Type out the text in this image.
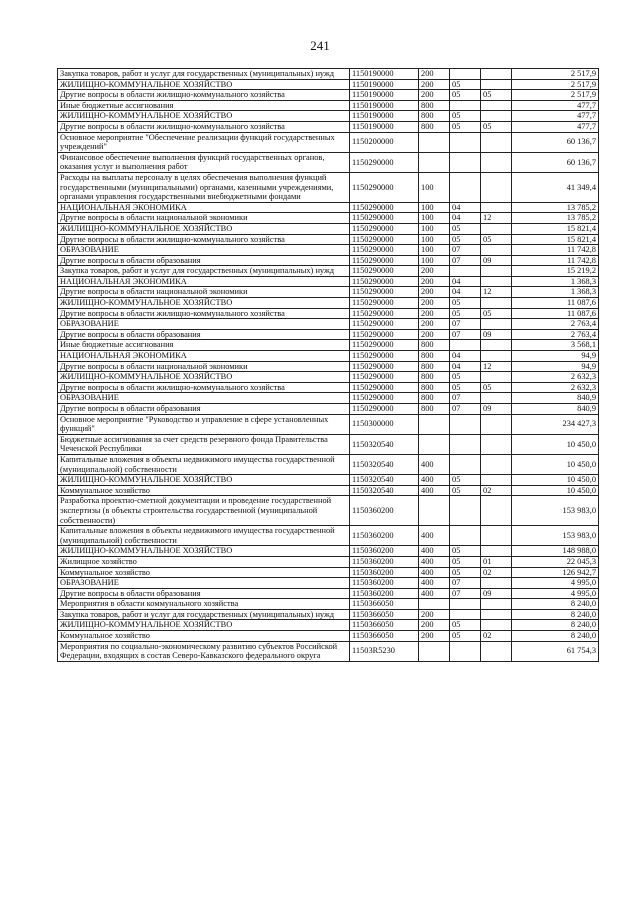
241
Закупка товаров, работ и услуг для государственных (муниципальных) нужд	1150190000	200			2 517,9
ЖИЛИЩНО-КОММУНАЛЬНОЕ ХОЗЯЙСТВО	1150190000	200	05		2 517,9
Другие вопросы в области жилищно-коммунального хозяйства	1150190000	200	05	05	2 517,9
Иные бюджетные ассигнования	1150190000	800			477,7
ЖИЛИЩНО-КОММУНАЛЬНОЕ ХОЗЯЙСТВО	1150190000	800	05		477,7
Другие вопросы в области жилищно-коммунального хозяйства	1150190000	800	05	05	477,7
Основное мероприятие "Обеспечение реализации функций государственных учреждений"	1150200000				60 136,7
Финансовое обеспечение выполнения функций государственных органов, оказания услуг и выполнения работ	1150290000				60 136,7
Расходы на выплаты персоналу в целях обеспечения выполнения функций государственными (муниципальными) органами, казенными учреждениями, органами управления государственными внебюджетными фондами	1150290000	100			41 349,4
НАЦИОНАЛЬНАЯ ЭКОНОМИКА	1150290000	100	04		13 785,2
Другие вопросы в области национальной экономики	1150290000	100	04	12	13 785,2
ЖИЛИЩНО-КОММУНАЛЬНОЕ ХОЗЯЙСТВО	1150290000	100	05		15 821,4
Другие вопросы в области жилищно-коммунального хозяйства	1150290000	100	05	05	15 821,4
ОБРАЗОВАНИЕ	1150290000	100	07		11 742,8
Другие вопросы в области образования	1150290000	100	07	09	11 742,8
Закупка товаров, работ и услуг для государственных (муниципальных) нужд	1150290000	200			15 219,2
НАЦИОНАЛЬНАЯ ЭКОНОМИКА	1150290000	200	04		1 368,3
Другие вопросы в области национальной экономики	1150290000	200	04	12	1 368,3
ЖИЛИЩНО-КОММУНАЛЬНОЕ ХОЗЯЙСТВО	1150290000	200	05		11 087,6
Другие вопросы в области жилищно-коммунального хозяйства	1150290000	200	05	05	11 087,6
ОБРАЗОВАНИЕ	1150290000	200	07		2 763,4
Другие вопросы в области образования	1150290000	200	07	09	2 763,4
Иные бюджетные ассигнования	1150290000	800			3 568,1
НАЦИОНАЛЬНАЯ ЭКОНОМИКА	1150290000	800	04		94,9
Другие вопросы в области национальной экономики	1150290000	800	04	12	94,9
ЖИЛИЩНО-КОММУНАЛЬНОЕ ХОЗЯЙСТВО	1150290000	800	05		2 632,3
Другие вопросы в области жилищно-коммунального хозяйства	1150290000	800	05	05	2 632,3
ОБРАЗОВАНИЕ	1150290000	800	07		840,9
Другие вопросы в области образования	1150290000	800	07	09	840,9
Основное мероприятие "Руководство и управление в сфере установленных функций"	1150300000				234 427,3
Бюджетные ассигнования за счет средств резервного фонда Правительства Чеченской Республики	1150320540				10 450,0
Капитальные вложения в объекты недвижимого имущества государственной (муниципальной) собственности	1150320540	400			10 450,0
ЖИЛИЩНО-КОММУНАЛЬНОЕ ХОЗЯЙСТВО	1150320540	400	05		10 450,0
Коммунальное хозяйство	1150320540	400	05	02	10 450,0
Разработка проектно-сметной документации и проведение государственной экспертизы (в объекты строительства государственной (муниципальной собственности)	1150360200				153 983,0
Капитальные вложения в объекты недвижимого имущества государственной (муниципальной) собственности	1150360200	400			153 983,0
ЖИЛИЩНО-КОММУНАЛЬНОЕ ХОЗЯЙСТВО	1150360200	400	05		148 988,0
Жилищное хозяйство	1150360200	400	05	01	22 045,3
Коммунальное хозяйство	1150360200	400	05	02	126 942,7
ОБРАЗОВАНИЕ	1150360200	400	07		4 995,0
Другие вопросы в области образования	1150360200	400	07	09	4 995,0
Мероприятия в области коммунального хозяйства	1150366050				8 240,0
Закупка товаров, работ и услуг для государственных (муниципальных) нужд	1150366050	200			8 240,0
ЖИЛИЩНО-КОММУНАЛЬНОЕ ХОЗЯЙСТВО	1150366050	200	05		8 240,0
Коммунальное хозяйство	1150366050	200	05	02	8 240,0
Мероприятия по социально-экономическому развитию субъектов Российской Федерации, входящих в состав Северо-Кавказского федерального округа	11503R5230				61 754,3
